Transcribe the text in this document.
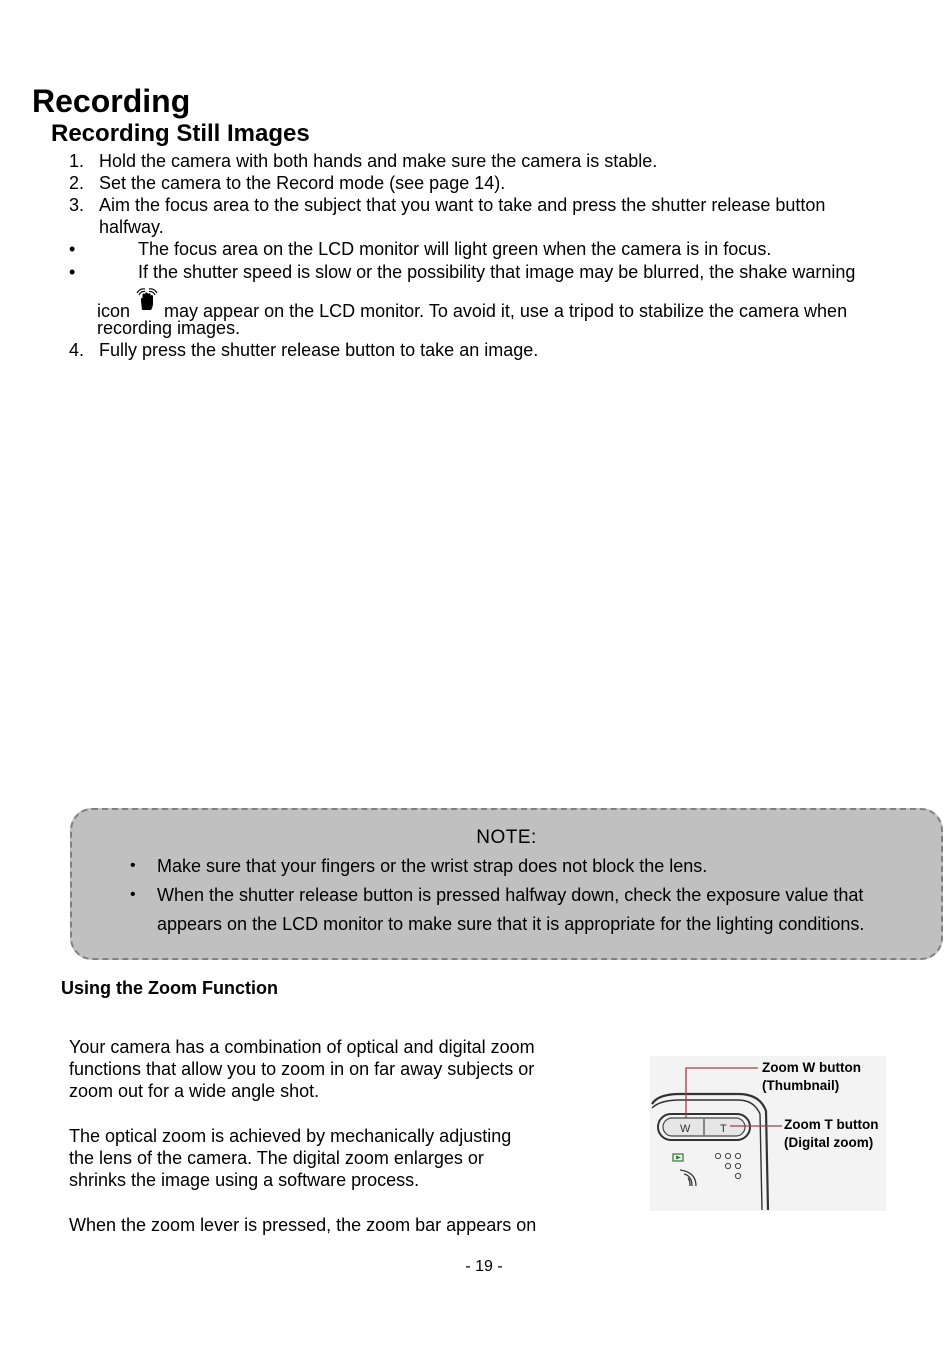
Recording
Recording Still Images
1. Hold the camera with both hands and make sure the camera is stable.
2. Set the camera to the Record mode (see page 14).
3. Aim the focus area to the subject that you want to take and press the shutter release button
halfway.
•	The focus area on the LCD monitor will light green when the camera is in focus.
•	If the shutter speed is slow or the possibility that image may be blurred, the shake warning
icon may appear on the LCD monitor. To avoid it, use a tripod to stabilize the camera when
recording images.
4. Fully press the shutter release button to take an image.
NOTE:
• Make sure that your fingers or the wrist strap does not block the lens.
• When the shutter release button is pressed halfway down, check the exposure value that
appears on the LCD monitor to make sure that it is appropriate for the lighting conditions.
Using the Zoom Function
Your camera has a combination of optical and digital zoom
functions that allow you to zoom in on far away subjects or
zoom out for a wide angle shot.
The optical zoom is achieved by mechanically adjusting
the lens of the camera. The digital zoom enlarges or
shrinks the image using a software process.
When the zoom lever is pressed, the zoom bar appears on
W	T
Zoom W button
(Thumbnail)
Zoom T button
(Digital zoom)
- 19 -
